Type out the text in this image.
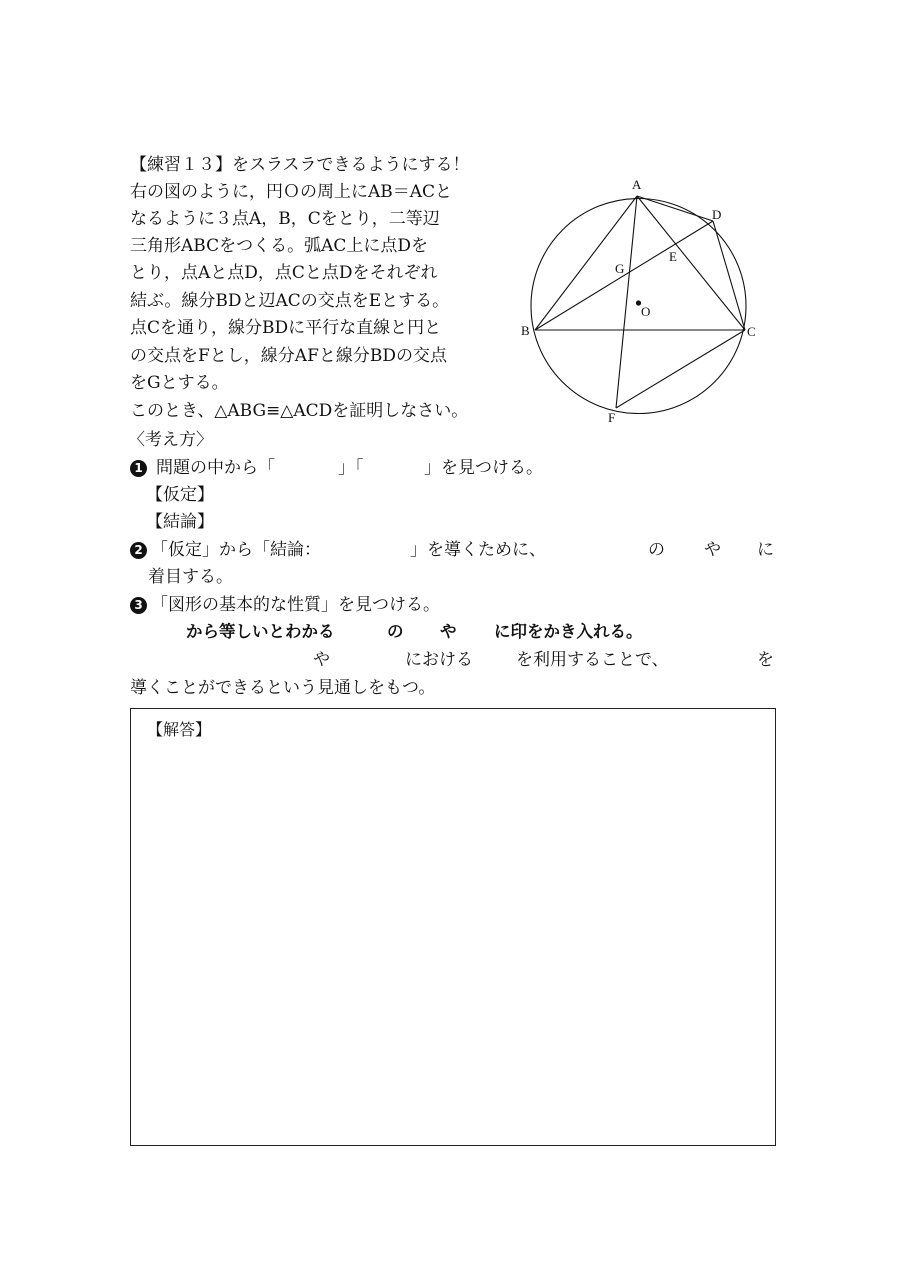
【練習１３】をスラスラできるようにする！
右の図のように，円Ｏの周上にAB＝ACと
なるように３点A，B，Cをとり，二等辺
三角形ABCをつくる。弧AC上に点Dを
とり，点Aと点D，点Cと点Dをそれぞれ
結ぶ。線分BDと辺ACの交点をEとする。
点Cを通り，線分BDに平行な直線と円と
の交点をFとし，線分AFと線分BDの交点
をGとする。
このとき、△ABG≡△ACDを証明しなさい。
A
B	C
D
E
F
G
O
〈考え方〉
1 問題の中から「	」「	」を見つける。
【仮定】
【結論】
2 「仮定」から「結論：	」を導くために、	の や に
着目する。
3 「図形の基本的な性質」を見つける。
から等しいとわかる	の や に印をかき入れる。
や	における	を利用することで、	を
導くことができるという見通しをもつ。
【解答】
